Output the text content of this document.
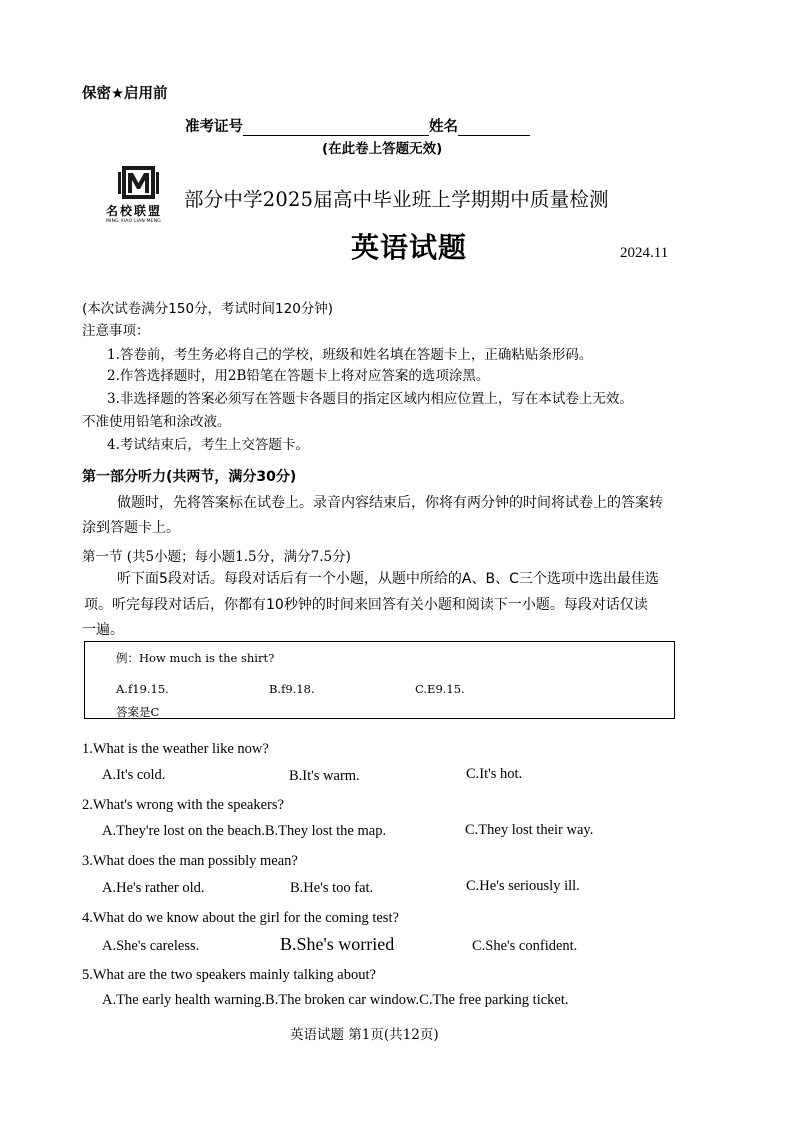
保密★启用前
准考证号	姓名
(在此卷上答题无效)
名校联盟
MING XIAO LIAN MENG
部分中学2025届高中毕业班上学期期中质量检测
英语试题	2024.11
(本次试卷满分150分，考试时间120分钟)
注意事项：
1.答卷前，考生务必将自己的学校，班级和姓名填在答题卡上，正确粘贴条形码。
2.作答选择题时，用2B铅笔在答题卡上将对应答案的选项涂黑。
3.非选择题的答案必须写在答题卡各题目的指定区域内相应位置上，写在本试卷上无效。
不准使用铅笔和涂改液。
4.考试结束后，考生上交答题卡。
第一部分听力(共两节，满分30分)
做题时，先将答案标在试卷上。录音内容结束后，你将有两分钟的时间将试卷上的答案转
涂到答题卡上。
第一节 (共5小题；每小题1.5分，满分7.5分)
听下面5段对话。每段对话后有一个小题，从题中所给的A、B、C三个选项中选出最佳选
项。听完每段对话后，你都有10秒钟的时间来回答有关小题和阅读下一小题。每段对话仅读
一遍。
例：How much is the shirt?
A.f19.15.	B.f9.18.	C.E9.15.
答案是C
1.What is the weather like now?
A.It's cold.	B.It's warm.	C.It's hot.
2.What's wrong with the speakers?
A.They're lost on the beach.B.They lost the map.	C.They lost their way.
3.What does the man possibly mean?
A.He's rather old.	B.He's too fat.	C.He's seriously ill.
4.What do we know about the girl for the coming test?
A.She's careless.	B.She's worried	C.She's confident.
5.What are the two speakers mainly talking about?
A.The early health warning.B.The broken car window.C.The free parking ticket.
英语试题 第1页(共12页)
